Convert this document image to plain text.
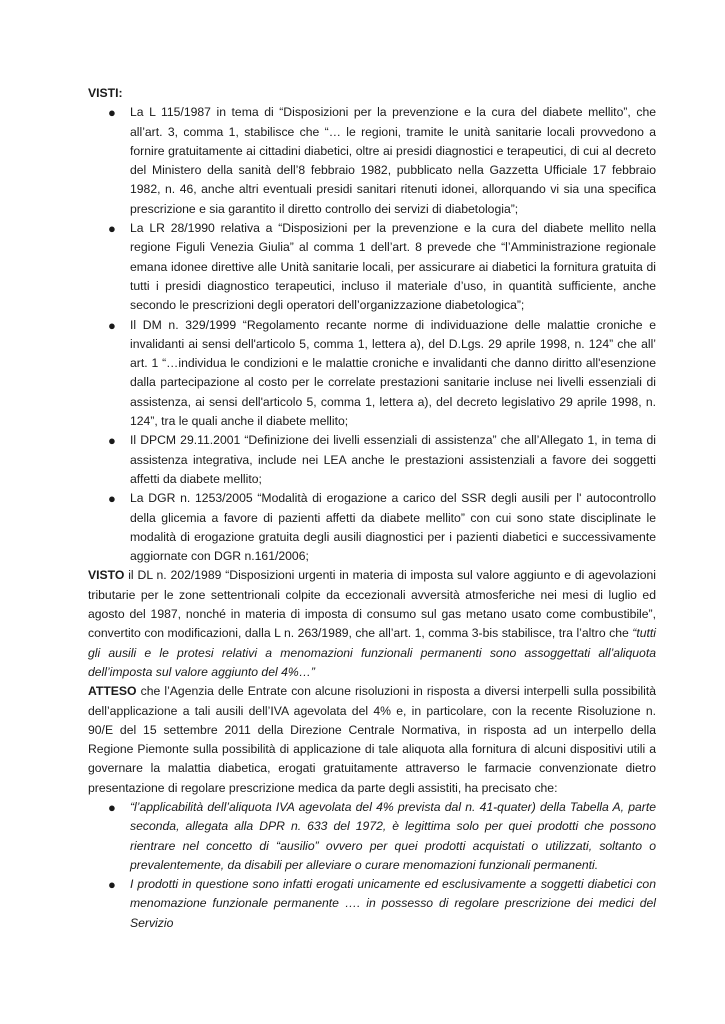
VISTI:

● La L 115/1987 in tema di “Disposizioni per la prevenzione e la cura del diabete mellito”, che all’art. 3, comma 1, stabilisce che “… le regioni, tramite le unità sanitarie locali provvedono a fornire gratuitamente ai cittadini diabetici, oltre ai presidi diagnostici e terapeutici, di cui al decreto del Ministero della sanità dell’8 febbraio 1982, pubblicato nella Gazzetta Ufficiale 17 febbraio 1982, n. 46, anche altri eventuali presidi sanitari ritenuti idonei, allorquando vi sia una specifica prescrizione e sia garantito il diretto controllo dei servizi di diabetologia”;
● La LR 28/1990 relativa a “Disposizioni per la prevenzione e la cura del diabete mellito nella regione Figuli Venezia Giulia” al comma 1 dell’art. 8 prevede che “l’Amministrazione regionale emana idonee direttive alle Unità sanitarie locali, per assicurare ai diabetici la fornitura gratuita di tutti i presidi diagnostico terapeutici, incluso il materiale d’uso, in quantità sufficiente, anche secondo le prescrizioni degli operatori dell’organizzazione diabetologica”;
● Il DM n. 329/1999 “Regolamento recante norme di individuazione delle malattie croniche e invalidanti ai sensi dell'articolo 5, comma 1, lettera a), del D.Lgs. 29 aprile 1998, n. 124” che all’ art. 1 “…individua le condizioni e le malattie croniche e invalidanti che danno diritto all'esenzione dalla partecipazione al costo per le correlate prestazioni sanitarie incluse nei livelli essenziali di assistenza, ai sensi dell'articolo 5, comma 1, lettera a), del decreto legislativo 29 aprile 1998, n. 124”, tra le quali anche il diabete mellito;
● Il DPCM 29.11.2001 “Definizione dei livelli essenziali di assistenza” che all’Allegato 1, in tema di assistenza integrativa, include nei LEA anche le prestazioni assistenziali a favore dei soggetti affetti da diabete mellito;
● La DGR n. 1253/2005 “Modalità di erogazione a carico del SSR degli ausili per l' autocontrollo della glicemia a favore di pazienti affetti da diabete mellito” con cui sono state disciplinate le modalità di erogazione gratuita degli ausili diagnostici per i pazienti diabetici e successivamente aggiornate con DGR n.161/2006;

VISTO il DL n. 202/1989 “Disposizioni urgenti in materia di imposta sul valore aggiunto e di agevolazioni tributarie per le zone settentrionali colpite da eccezionali avversità atmosferiche nei mesi di luglio ed agosto del 1987, nonché in materia di imposta di consumo sul gas metano usato come combustibile”, convertito con modificazioni, dalla L n. 263/1989, che all’art. 1, comma 3-bis stabilisce, tra l’altro che “tutti gli ausili e le protesi relativi a menomazioni funzionali permanenti sono assoggettati all’aliquota dell’imposta sul valore aggiunto del 4%…”

ATTESO che l’Agenzia delle Entrate con alcune risoluzioni in risposta a diversi interpelli sulla possibilità dell’applicazione a tali ausili dell’IVA agevolata del 4% e, in particolare, con la recente Risoluzione n. 90/E del 15 settembre 2011 della Direzione Centrale Normativa, in risposta ad un interpello della Regione Piemonte sulla possibilità di applicazione di tale aliquota alla fornitura di alcuni dispositivi utili a governare la malattia diabetica, erogati gratuitamente attraverso le farmacie convenzionate dietro presentazione di regolare prescrizione medica da parte degli assistiti, ha precisato che:

● “l’applicabilità dell’aliquota IVA agevolata del 4% prevista dal n. 41-quater) della Tabella A, parte seconda, allegata alla DPR n. 633 del 1972, è legittima solo per quei prodotti che possono rientrare nel concetto di “ausilio” ovvero per quei prodotti acquistati o utilizzati, soltanto o prevalentemente, da disabili per alleviare o curare menomazioni funzionali permanenti.
● I prodotti in questione sono infatti erogati unicamente ed esclusivamente a soggetti diabetici con menomazione funzionale permanente …. in possesso di regolare prescrizione dei medici del Servizio
